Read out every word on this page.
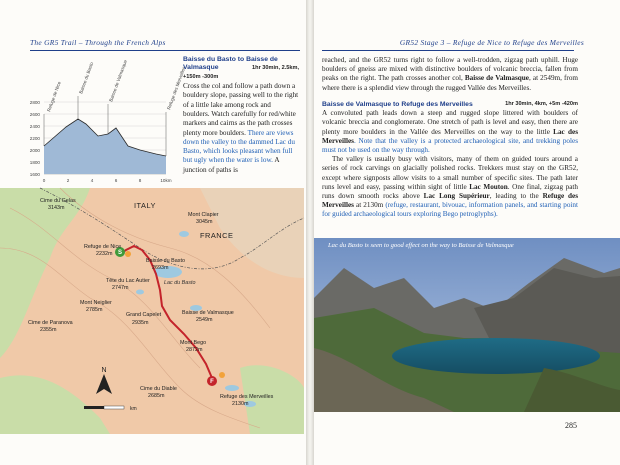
The GR5 Trail – Through the French Alps	GR52 Stage 3 – Refuge de Nice to Refuge des Merveilles
2800
2600
2400
2200
2000
1800
1600
Refuge de Nice
Baisse du Basto	Baisse de Valmasque	Refuge des Merveilles
0	2	4	6	8	10km
Baisse du Basto to Baisse de
Valmasque	1hr 30min, 2.5km,
+150m -300m

Cross the col and follow a path down a bouldery slope, passing well to the right of a little lake among rock and boulders. Watch carefully for red/white markers and cairns as the path crosses plenty more boulders. There are views down the valley to the dammed Lac du Basto, which looks pleasant when full but ugly when the water is low. A junction of paths is

S
F
ITALY
FRANCE
Cime du Gelas
3143m
Mont Clapier
3045m
Refuge de Nice
2232m
Baisse du Basto
2693m
Lac du Basto
Tête du Lac Autier
2747m
Mont Neiglier
2785m
Cime de Paranova
2355m
Grand Capelet
2935m
Baisse de Valmasque
2549m
Mont Bego
2872m
Cime du Diable
2685m	Refuge des Merveilles
2130m
N
km

reached, and the GR52 turns right to follow a well-trodden, zigzag path uphill. Huge boulders of gneiss are mixed with distinctive boulders of volcanic breccia, fallen from peaks on the right. The path crosses another col, Baisse de Valmasque, at 2549m, from where there is a splendid view through the rugged Vallée des Merveilles.

Baisse de Valmasque to Refuge des Merveilles	1hr 30min, 4km, +5m -420m

A convoluted path leads down a steep and rugged slope littered with boulders of volcanic breccia and conglomerate. One stretch of path is level and easy, then there are plenty more boulders in the Vallée des Merveilles on the way to the little Lac des Merveilles. Note that the valley is a protected archaeological site, and trekking poles must not be used on the way through.

The valley is usually busy with visitors, many of them on guided tours around a series of rock carvings on glacially polished rocks. Trekkers must stay on the GR52, except where signposts allow visits to a small number of specific sites. The path later runs level and easy, passing within sight of little Lac Mouton. One final, zigzag path runs down smooth rocks above Lac Long Supérieur, leading to the Refuge des Merveilles at 2130m (refuge, restaurant, bivouac, information panels, and starting point for guided archaeological tours exploring Bego petroglyphs).

Lac du Basto is seen to good effect on the way to Baisse de Valmasque
285
